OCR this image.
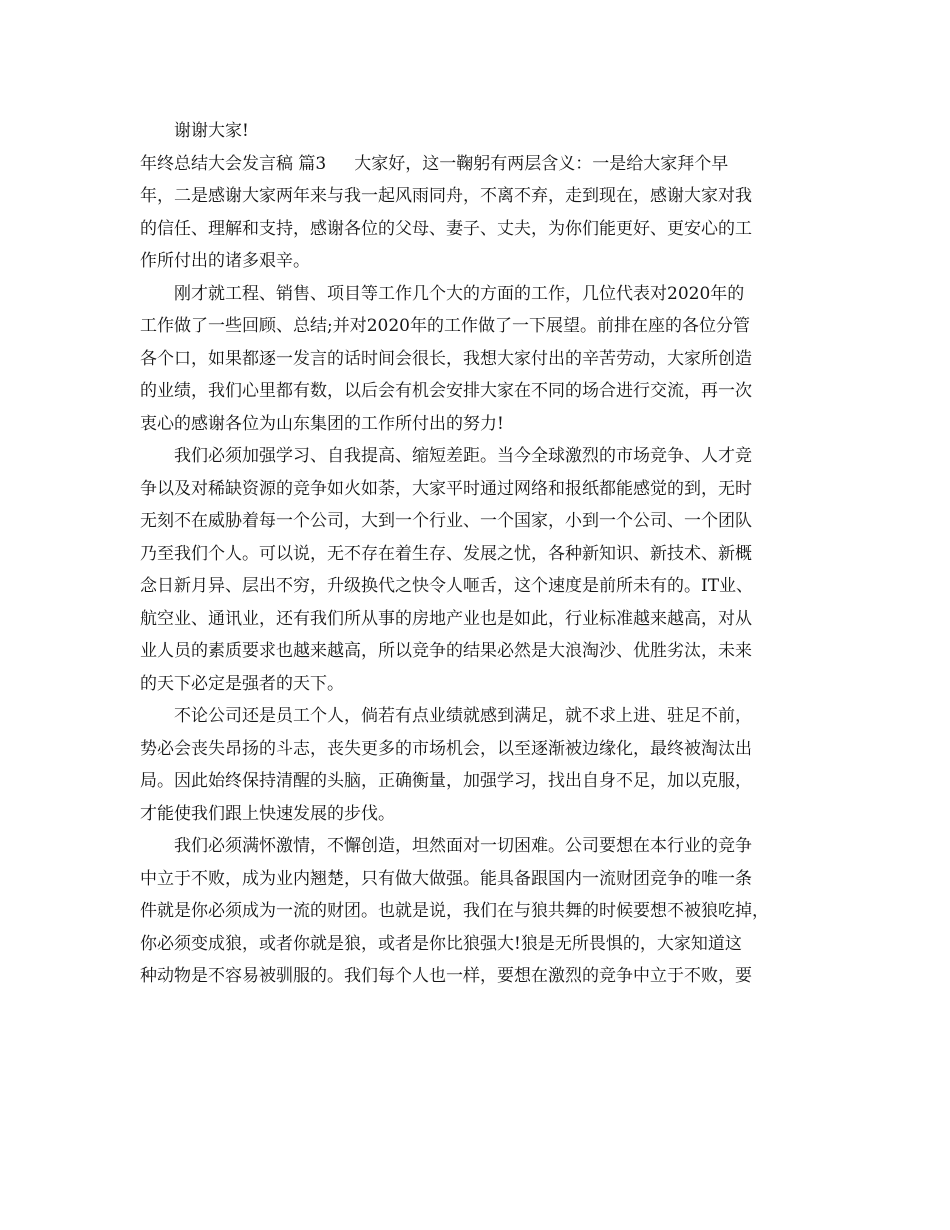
谢谢大家!
年终总结大会发言稿 篇3 大家好，这一鞠躬有两层含义：一是给大家拜个早
年，二是感谢大家两年来与我一起风雨同舟，不离不弃，走到现在，感谢大家对我
的信任、理解和支持，感谢各位的父母、妻子、丈夫，为你们能更好、更安心的工
作所付出的诸多艰辛。
刚才就工程、销售、项目等工作几个大的方面的工作，几位代表对2020年的
工作做了一些回顾、总结;并对2020年的工作做了一下展望。前排在座的各位分管
各个口，如果都逐一发言的话时间会很长，我想大家付出的辛苦劳动，大家所创造
的业绩，我们心里都有数，以后会有机会安排大家在不同的场合进行交流，再一次
衷心的感谢各位为山东集团的工作所付出的努力!
我们必须加强学习、自我提高、缩短差距。当今全球激烈的市场竞争、人才竞
争以及对稀缺资源的竞争如火如荼，大家平时通过网络和报纸都能感觉的到，无时
无刻不在威胁着每一个公司，大到一个行业、一个国家，小到一个公司、一个团队
乃至我们个人。可以说，无不存在着生存、发展之忧，各种新知识、新技术、新概
念日新月异、层出不穷，升级换代之快令人咂舌，这个速度是前所未有的。IT业、
航空业、通讯业，还有我们所从事的房地产业也是如此，行业标准越来越高，对从
业人员的素质要求也越来越高，所以竞争的结果必然是大浪淘沙、优胜劣汰，未来
的天下必定是强者的天下。
不论公司还是员工个人，倘若有点业绩就感到满足，就不求上进、驻足不前，
势必会丧失昂扬的斗志，丧失更多的市场机会，以至逐渐被边缘化，最终被淘汰出
局。因此始终保持清醒的头脑，正确衡量，加强学习，找出自身不足，加以克服，
才能使我们跟上快速发展的步伐。
我们必须满怀激情，不懈创造，坦然面对一切困难。公司要想在本行业的竞争
中立于不败，成为业内翘楚，只有做大做强。能具备跟国内一流财团竞争的唯一条
件就是你必须成为一流的财团。也就是说，我们在与狼共舞的时候要想不被狼吃掉，
你必须变成狼，或者你就是狼，或者是你比狼强大!狼是无所畏惧的，大家知道这
种动物是不容易被驯服的。我们每个人也一样，要想在激烈的竞争中立于不败，要
